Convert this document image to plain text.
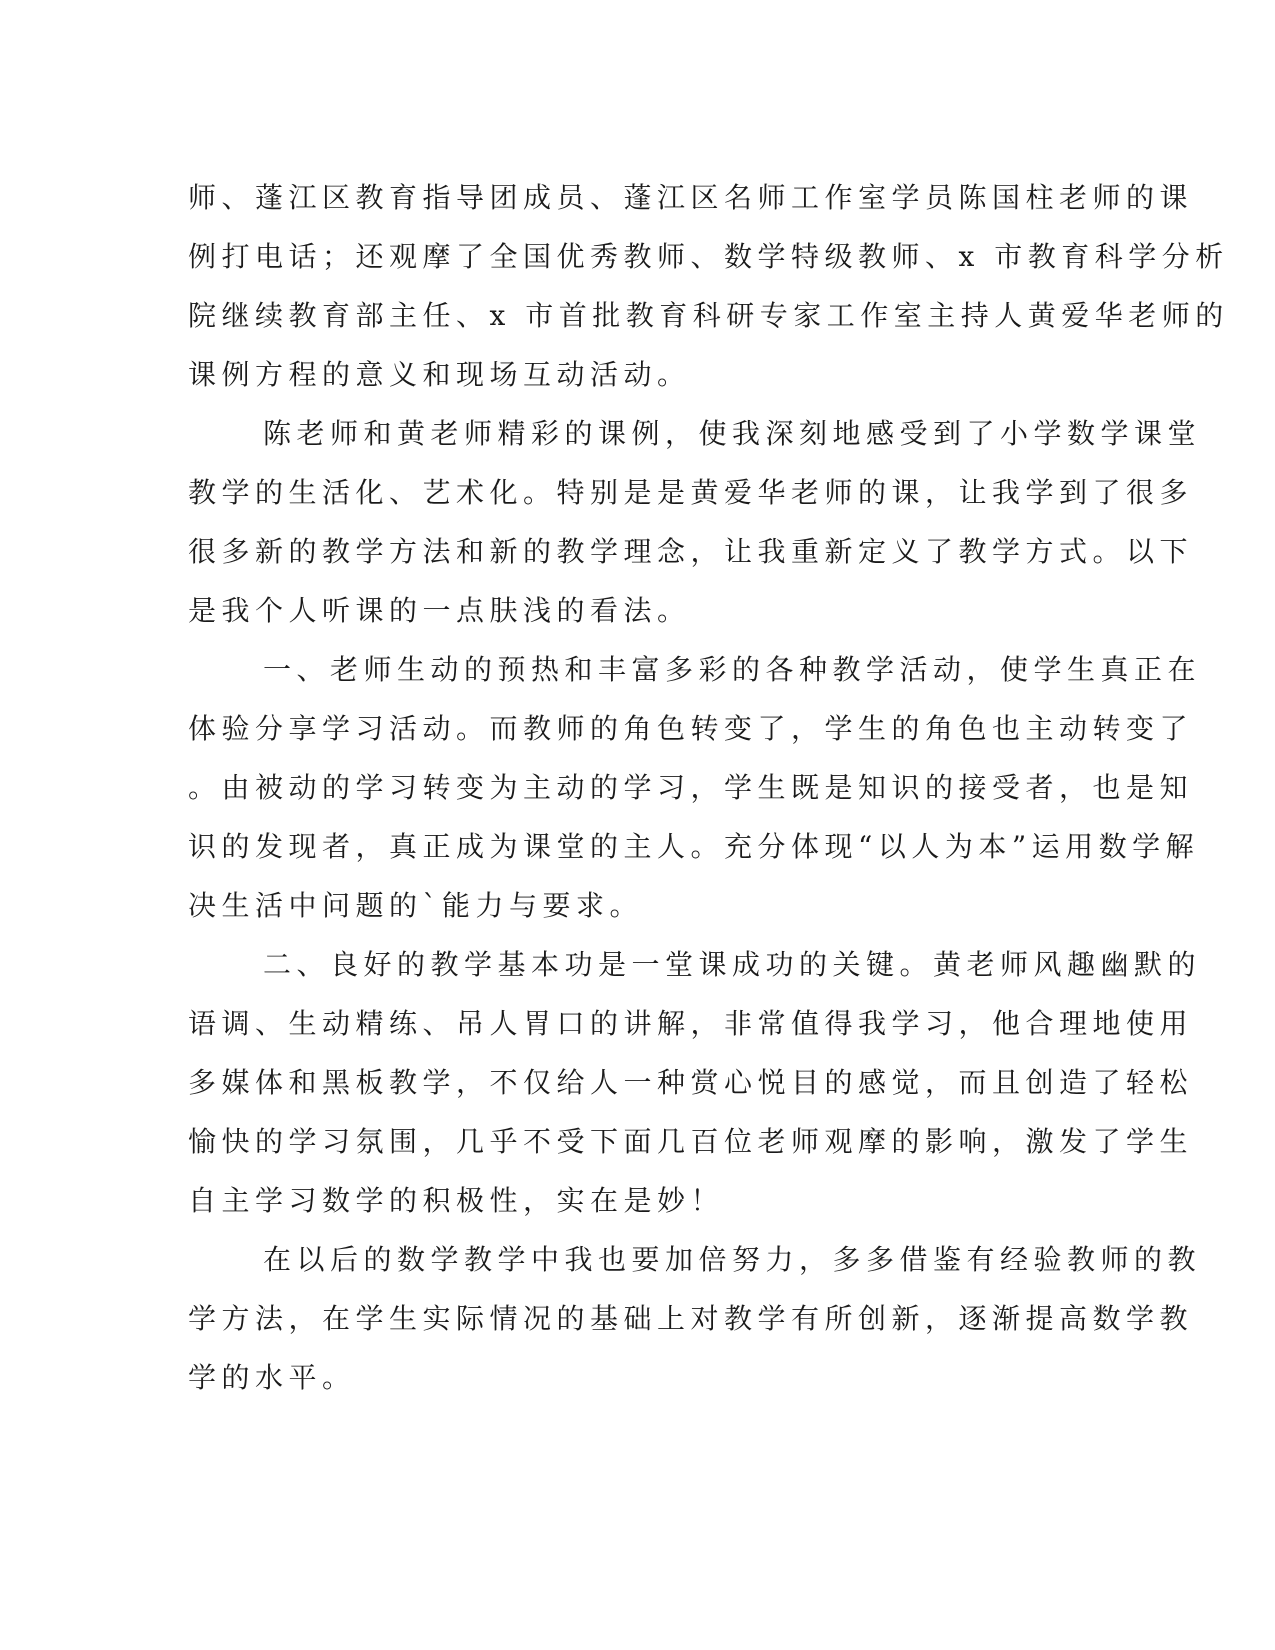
师、蓬江区教育指导团成员、蓬江区名师工作室学员陈国柱老师的课
例打电话；还观摩了全国优秀教师、数学特级教师、x 市教育科学分析
院继续教育部主任、x 市首批教育科研专家工作室主持人黄爱华老师的
课例方程的意义和现场互动活动。
陈老师和黄老师精彩的课例，使我深刻地感受到了小学数学课堂
教学的生活化、艺术化。特别是是黄爱华老师的课，让我学到了很多
很多新的教学方法和新的教学理念，让我重新定义了教学方式。以下
是我个人听课的一点肤浅的看法。
一、老师生动的预热和丰富多彩的各种教学活动，使学生真正在
体验分享学习活动。而教师的角色转变了，学生的角色也主动转变了
。由被动的学习转变为主动的学习，学生既是知识的接受者，也是知
识的发现者，真正成为课堂的主人。充分体现“以人为本”运用数学解
决生活中问题的`能力与要求。
二、良好的教学基本功是一堂课成功的关键。黄老师风趣幽默的
语调、生动精练、吊人胃口的讲解，非常值得我学习，他合理地使用
多媒体和黑板教学，不仅给人一种赏心悦目的感觉，而且创造了轻松
愉快的学习氛围，几乎不受下面几百位老师观摩的影响，激发了学生
自主学习数学的积极性，实在是妙！
在以后的数学教学中我也要加倍努力，多多借鉴有经验教师的教
学方法，在学生实际情况的基础上对教学有所创新，逐渐提高数学教
学的水平。
